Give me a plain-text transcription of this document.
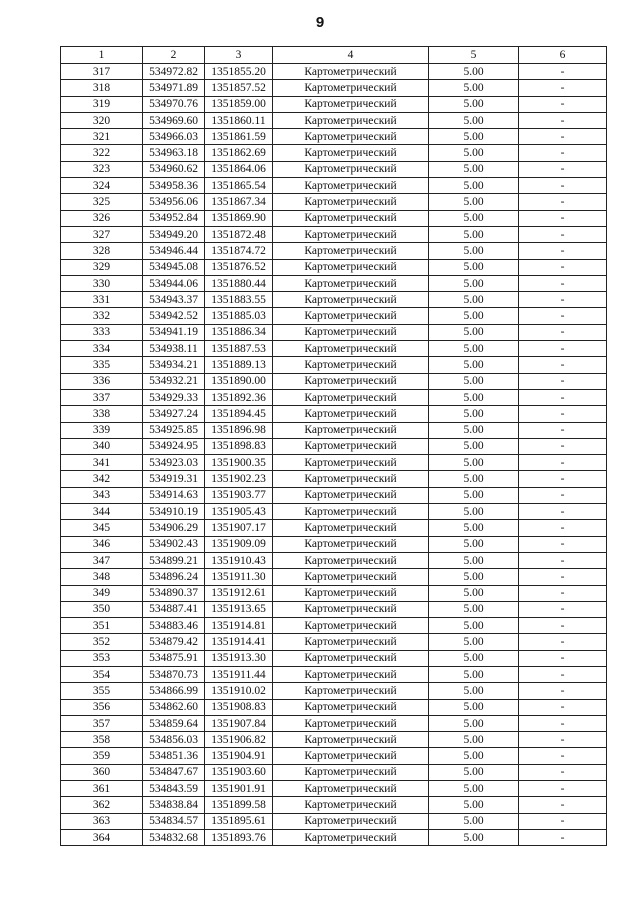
9
1	2	3	4	5	6
317	534972.82	1351855.20	Картометрический	5.00	-
318	534971.89	1351857.52	Картометрический	5.00	-
319	534970.76	1351859.00	Картометрический	5.00	-
320	534969.60	1351860.11	Картометрический	5.00	-
321	534966.03	1351861.59	Картометрический	5.00	-
322	534963.18	1351862.69	Картометрический	5.00	-
323	534960.62	1351864.06	Картометрический	5.00	-
324	534958.36	1351865.54	Картометрический	5.00	-
325	534956.06	1351867.34	Картометрический	5.00	-
326	534952.84	1351869.90	Картометрический	5.00	-
327	534949.20	1351872.48	Картометрический	5.00	-
328	534946.44	1351874.72	Картометрический	5.00	-
329	534945.08	1351876.52	Картометрический	5.00	-
330	534944.06	1351880.44	Картометрический	5.00	-
331	534943.37	1351883.55	Картометрический	5.00	-
332	534942.52	1351885.03	Картометрический	5.00	-
333	534941.19	1351886.34	Картометрический	5.00	-
334	534938.11	1351887.53	Картометрический	5.00	-
335	534934.21	1351889.13	Картометрический	5.00	-
336	534932.21	1351890.00	Картометрический	5.00	-
337	534929.33	1351892.36	Картометрический	5.00	-
338	534927.24	1351894.45	Картометрический	5.00	-
339	534925.85	1351896.98	Картометрический	5.00	-
340	534924.95	1351898.83	Картометрический	5.00	-
341	534923.03	1351900.35	Картометрический	5.00	-
342	534919.31	1351902.23	Картометрический	5.00	-
343	534914.63	1351903.77	Картометрический	5.00	-
344	534910.19	1351905.43	Картометрический	5.00	-
345	534906.29	1351907.17	Картометрический	5.00	-
346	534902.43	1351909.09	Картометрический	5.00	-
347	534899.21	1351910.43	Картометрический	5.00	-
348	534896.24	1351911.30	Картометрический	5.00	-
349	534890.37	1351912.61	Картометрический	5.00	-
350	534887.41	1351913.65	Картометрический	5.00	-
351	534883.46	1351914.81	Картометрический	5.00	-
352	534879.42	1351914.41	Картометрический	5.00	-
353	534875.91	1351913.30	Картометрический	5.00	-
354	534870.73	1351911.44	Картометрический	5.00	-
355	534866.99	1351910.02	Картометрический	5.00	-
356	534862.60	1351908.83	Картометрический	5.00	-
357	534859.64	1351907.84	Картометрический	5.00	-
358	534856.03	1351906.82	Картометрический	5.00	-
359	534851.36	1351904.91	Картометрический	5.00	-
360	534847.67	1351903.60	Картометрический	5.00	-
361	534843.59	1351901.91	Картометрический	5.00	-
362	534838.84	1351899.58	Картометрический	5.00	-
363	534834.57	1351895.61	Картометрический	5.00	-
364	534832.68	1351893.76	Картометрический	5.00	-
